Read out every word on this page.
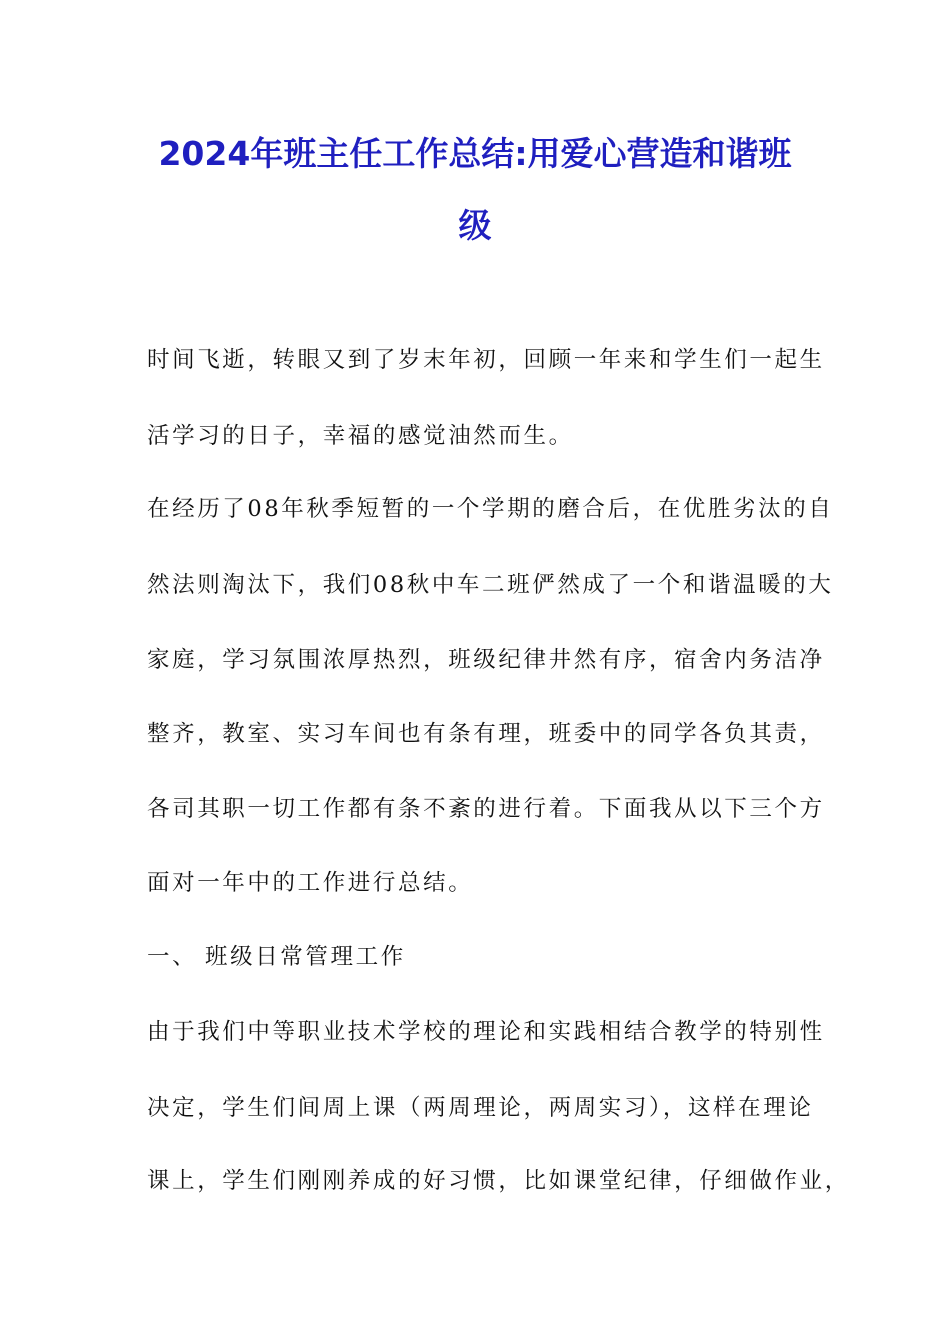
2024年班主任工作总结:用爱心营造和谐班
级

时间飞逝，转眼又到了岁末年初，回顾一年来和学生们一起生

活学习的日子，幸福的感觉油然而生。

在经历了08年秋季短暂的一个学期的磨合后，在优胜劣汰的自

然法则淘汰下，我们08秋中车二班俨然成了一个和谐温暖的大

家庭，学习氛围浓厚热烈，班级纪律井然有序，宿舍内务洁净

整齐，教室、实习车间也有条有理，班委中的同学各负其责，

各司其职一切工作都有条不紊的进行着。下面我从以下三个方

面对一年中的工作进行总结。

一、 班级日常管理工作

由于我们中等职业技术学校的理论和实践相结合教学的特别性

决定，学生们间周上课（两周理论，两周实习），这样在理论

课上，学生们刚刚养成的好习惯，比如课堂纪律，仔细做作业，
